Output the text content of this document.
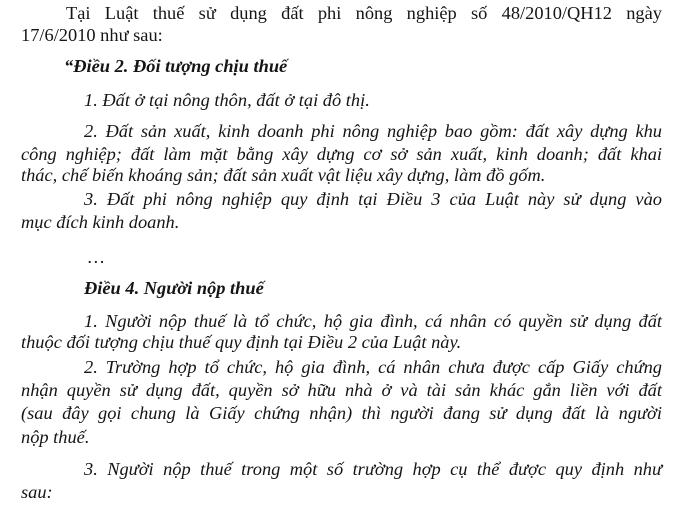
Tại Luật thuế sử dụng đất phi nông nghiệp số 48/2010/QH12 ngày
17/6/2010 như sau:
“Điều 2. Đối tượng chịu thuế
1. Đất ở tại nông thôn, đất ở tại đô thị.
2. Đất sản xuất, kinh doanh phi nông nghiệp bao gồm: đất xây dựng khu
công nghiệp; đất làm mặt bằng xây dựng cơ sở sản xuất, kinh doanh; đất khai
thác, chế biến khoáng sản; đất sản xuất vật liệu xây dựng, làm đồ gốm.
3. Đất phi nông nghiệp quy định tại Điều 3 của Luật này sử dụng vào
mục đích kinh doanh.
…
Điều 4. Người nộp thuế
1. Người nộp thuế là tổ chức, hộ gia đình, cá nhân có quyền sử dụng đất
thuộc đối tượng chịu thuế quy định tại Điều 2 của Luật này.
2. Trường hợp tổ chức, hộ gia đình, cá nhân chưa được cấp Giấy chứng
nhận quyền sử dụng đất, quyền sở hữu nhà ở và tài sản khác gắn liền với đất
(sau đây gọi chung là Giấy chứng nhận) thì người đang sử dụng đất là người
nộp thuế.
3. Người nộp thuế trong một số trường hợp cụ thể được quy định như
sau:
